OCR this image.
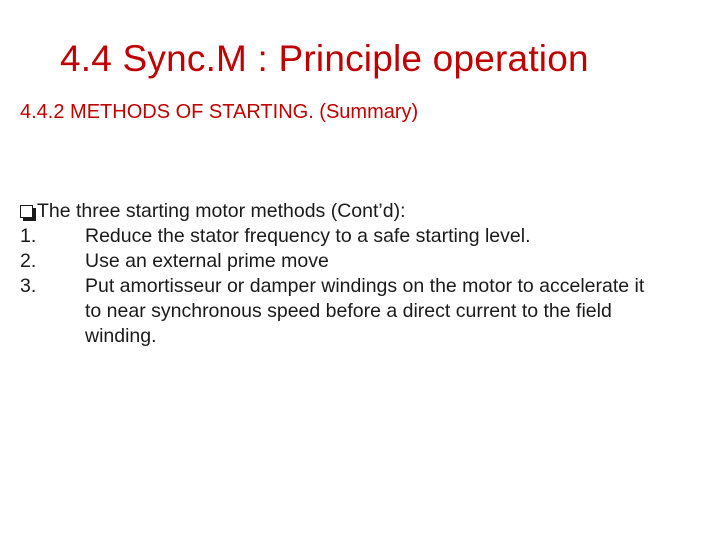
4.4 Sync.M : Principle operation
4.4.2 METHODS OF STARTING. (Summary)
The three starting motor methods (Cont’d):
1.	Reduce the stator frequency to a safe starting level.
2.	Use an external prime move
3.	Put amortisseur or damper windings on the motor to accelerate it to near synchronous speed before a direct current to the field winding.
